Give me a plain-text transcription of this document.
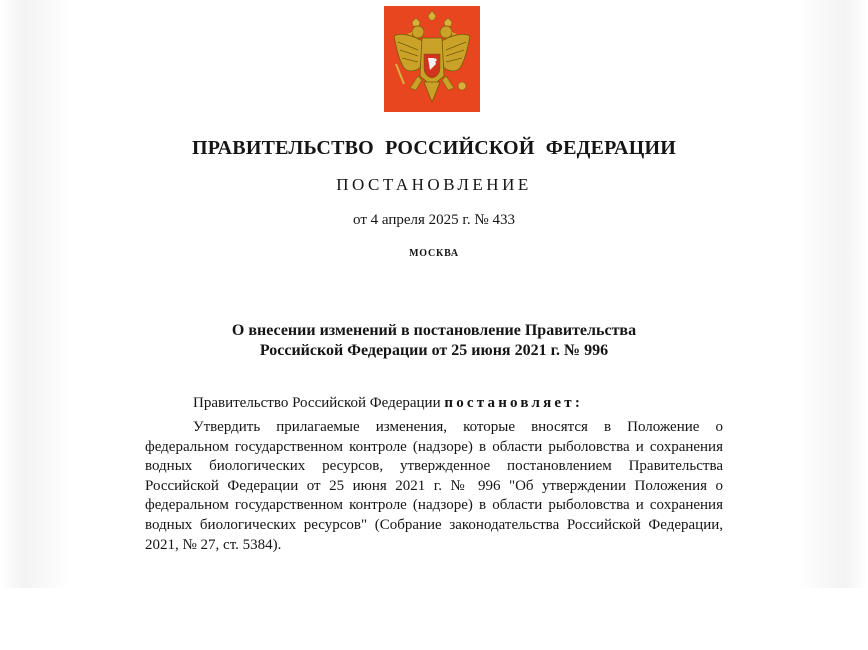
ПРАВИТЕЛЬСТВО РОССИЙСКОЙ ФЕДЕРАЦИИ
ПОСТАНОВЛЕНИЕ
от 4 апреля 2025 г. № 433
МОСКВА
О внесении изменений в постановление Правительства
Российской Федерации от 25 июня 2021 г. № 996
Правительство Российской Федерации постановляет:

Утвердить прилагаемые изменения, которые вносятся в Положение о федеральном государственном контроле (надзоре) в области рыболовства и сохранения водных биологических ресурсов, утвержденное постановлением Правительства Российской Федерации от 25 июня 2021 г. № 996 "Об утверждении Положения о федеральном государственном контроле (надзоре) в области рыболовства и сохранения водных биологических ресурсов" (Собрание законодательства Российской Федерации, 2021, № 27, ст. 5384).
